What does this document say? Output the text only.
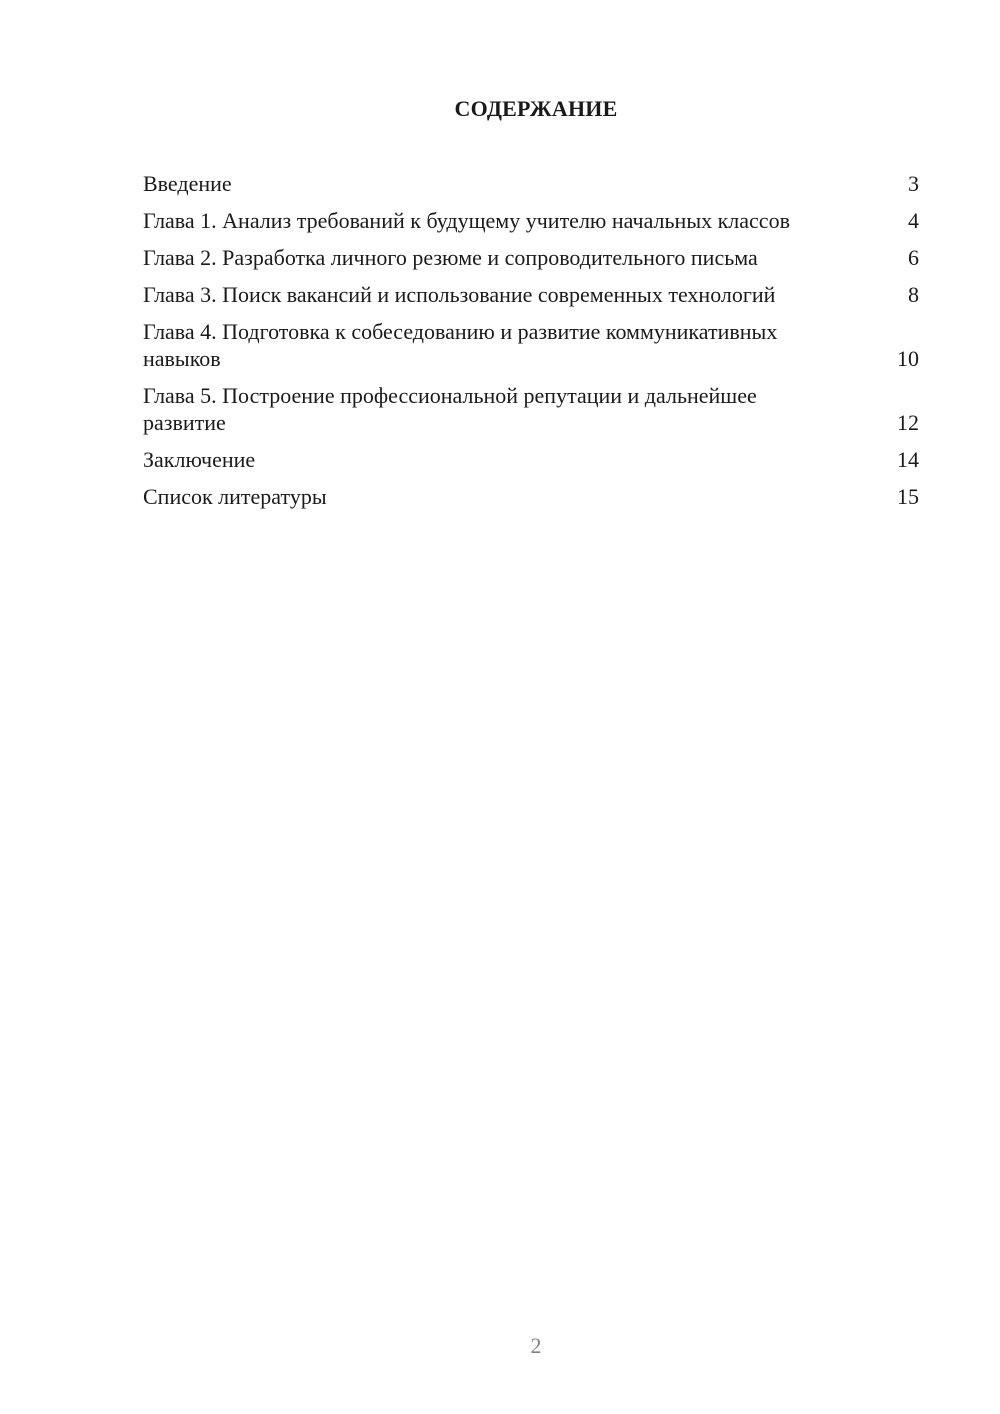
СОДЕРЖАНИЕ
Введение	3
Глава 1. Анализ требований к будущему учителю начальных классов	4
Глава 2. Разработка личного резюме и сопроводительного письма	6
Глава 3. Поиск вакансий и использование современных технологий	8
Глава 4. Подготовка к собеседованию и развитие коммуникативных навыков	10
Глава 5. Построение профессиональной репутации и дальнейшее развитие	12
Заключение	14
Список литературы	15
2
